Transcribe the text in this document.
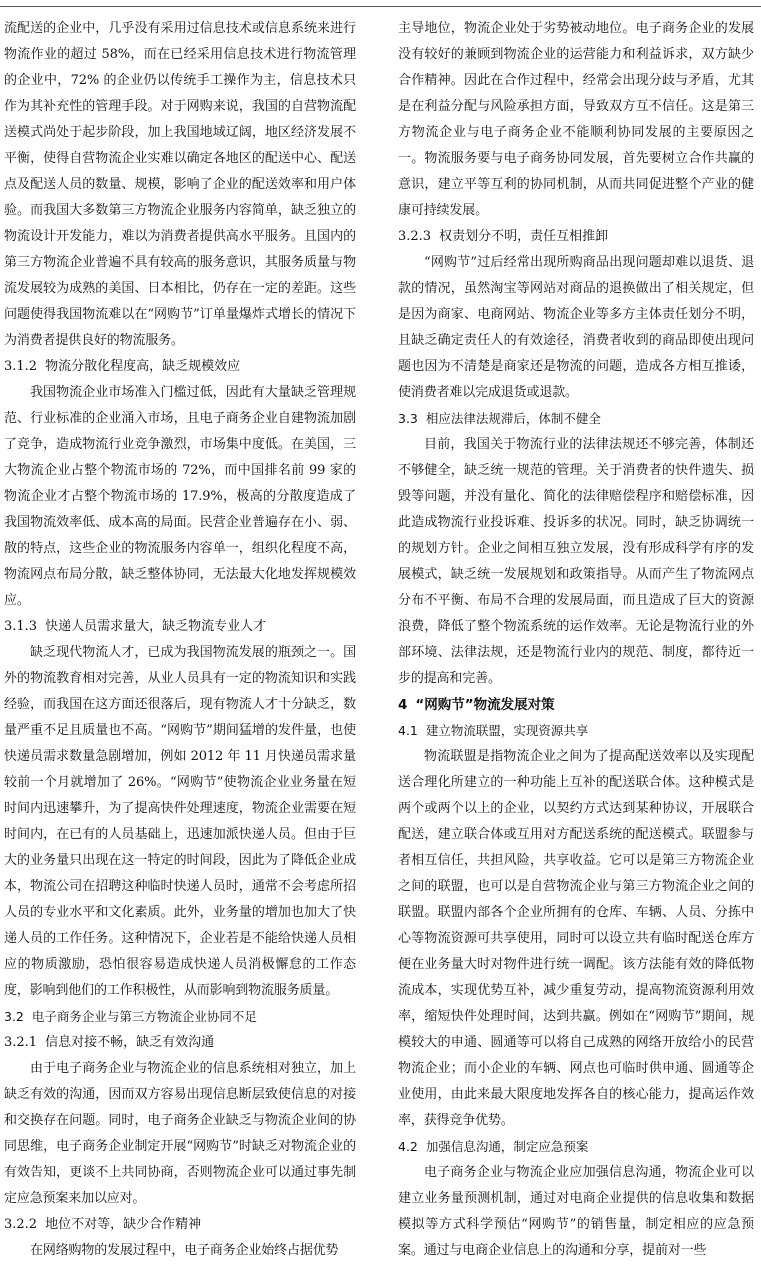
流配送的企业中，几乎没有采用过信息技术或信息系统来进行物流作业的超过 58%，而在已经采用信息技术进行物流管理的企业中，72% 的企业仍以传统手工操作为主，信息技术只作为其补充性的管理手段。对于网购来说，我国的自营物流配送模式尚处于起步阶段，加上我国地域辽阔，地区经济发展不平衡，使得自营物流企业实难以确定各地区的配送中心、配送点及配送人员的数量、规模，影响了企业的配送效率和用户体验。而我国大多数第三方物流企业服务内容简单，缺乏独立的物流设计开发能力，难以为消费者提供高水平服务。且国内的第三方物流企业普遍不具有较高的服务意识，其服务质量与物流发展较为成熟的美国、日本相比，仍存在一定的差距。这些问题使得我国物流难以在“网购节”订单量爆炸式增长的情况下为消费者提供良好的物流服务。

3.1.2 物流分散化程度高，缺乏规模效应

我国物流企业市场准入门槛过低，因此有大量缺乏管理规范、行业标准的企业涌入市场，且电子商务企业自建物流加剧了竞争，造成物流行业竞争激烈，市场集中度低。在美国，三大物流企业占整个物流市场的 72%，而中国排名前 99 家的物流企业才占整个物流市场的 17.9%，极高的分散度造成了我国物流效率低、成本高的局面。民营企业普遍存在小、弱、散的特点，这些企业的物流服务内容单一，组织化程度不高，物流网点布局分散，缺乏整体协同，无法最大化地发挥规模效应。

3.1.3 快递人员需求量大，缺乏物流专业人才

缺乏现代物流人才，已成为我国物流发展的瓶颈之一。国外的物流教育相对完善，从业人员具有一定的物流知识和实践经验，而我国在这方面还很落后，现有物流人才十分缺乏，数量严重不足且质量也不高。“网购节”期间猛增的发件量，也使快递员需求数量急剧增加，例如 2012 年 11 月快递员需求量较前一个月就增加了 26%。“网购节”使物流企业业务量在短时间内迅速攀升，为了提高快件处理速度，物流企业需要在短时间内，在已有的人员基础上，迅速加派快递人员。但由于巨大的业务量只出现在这一特定的时间段，因此为了降低企业成本，物流公司在招聘这种临时快递人员时，通常不会考虑所招人员的专业水平和文化素质。此外，业务量的增加也加大了快递人员的工作任务。这种情况下，企业若是不能给快递人员相应的物质激励，恐怕很容易造成快递人员消极懈怠的工作态度，影响到他们的工作积极性，从而影响到物流服务质量。

3.2 电子商务企业与第三方物流企业协同不足
3.2.1 信息对接不畅，缺乏有效沟通

由于电子商务企业与物流企业的信息系统相对独立，加上缺乏有效的沟通，因而双方容易出现信息断层致使信息的对接和交换存在问题。同时，电子商务企业缺乏与物流企业间的协同思维，电子商务企业制定开展“网购节”时缺乏对物流企业的有效告知，更谈不上共同协商，否则物流企业可以通过事先制定应急预案来加以应对。

3.2.2 地位不对等，缺少合作精神

在网络购物的发展过程中，电子商务企业始终占据优势

主导地位，物流企业处于劣势被动地位。电子商务企业的发展没有较好的兼顾到物流企业的运营能力和利益诉求，双方缺少合作精神。因此在合作过程中，经常会出现分歧与矛盾，尤其是在利益分配与风险承担方面，导致双方互不信任。这是第三方物流企业与电子商务企业不能顺利协同发展的主要原因之一。物流服务要与电子商务协同发展，首先要树立合作共赢的意识，建立平等互利的协同机制，从而共同促进整个产业的健康可持续发展。

3.2.3 权责划分不明，责任互相推卸

“网购节”过后经常出现所购商品出现问题却难以退货、退款的情况，虽然淘宝等网站对商品的退换做出了相关规定，但是因为商家、电商网站、物流企业等多方主体责任划分不明，且缺乏确定责任人的有效途径，消费者收到的商品即使出现问题也因为不清楚是商家还是物流的问题，造成各方相互推诿，使消费者难以完成退货或退款。

3.3 相应法律法规滞后，体制不健全

目前，我国关于物流行业的法律法规还不够完善，体制还不够健全，缺乏统一规范的管理。关于消费者的快件遗失、损毁等问题，并没有量化、简化的法律赔偿程序和赔偿标准，因此造成物流行业投诉难、投诉多的状况。同时，缺乏协调统一的规划方针。企业之间相互独立发展，没有形成科学有序的发展模式，缺乏统一发展规划和政策指导。从而产生了物流网点分布不平衡、布局不合理的发展局面，而且造成了巨大的资源浪费，降低了整个物流系统的运作效率。无论是物流行业的外部环境、法律法规，还是物流行业内的规范、制度，都待近一步的提高和完善。

4 “网购节”物流发展对策
4.1 建立物流联盟，实现资源共享

物流联盟是指物流企业之间为了提高配送效率以及实现配送合理化所建立的一种功能上互补的配送联合体。这种模式是两个或两个以上的企业，以契约方式达到某种协议，开展联合配送，建立联合体或互用对方配送系统的配送模式。联盟参与者相互信任，共担风险，共享收益。它可以是第三方物流企业之间的联盟，也可以是自营物流企业与第三方物流企业之间的联盟。联盟内部各个企业所拥有的仓库、车辆、人员、分拣中心等物流资源可共享使用，同时可以设立共有临时配送仓库方便在业务量大时对物件进行统一调配。该方法能有效的降低物流成本，实现优势互补，减少重复劳动，提高物流资源利用效率，缩短快件处理时间，达到共赢。例如在“网购节”期间，规模较大的申通、圆通等可以将自己成熟的网络开放给小的民营物流企业；而小企业的车辆、网点也可临时供申通、圆通等企业使用，由此来最大限度地发挥各自的核心能力，提高运作效率，获得竞争优势。

4.2 加强信息沟通，制定应急预案

电子商务企业与物流企业应加强信息沟通，物流企业可以建立业务量预测机制，通过对电商企业提供的信息收集和数据模拟等方式科学预估“网购节”的销售量，制定相应的应急预案。通过与电商企业信息上的沟通和分享，提前对一些
